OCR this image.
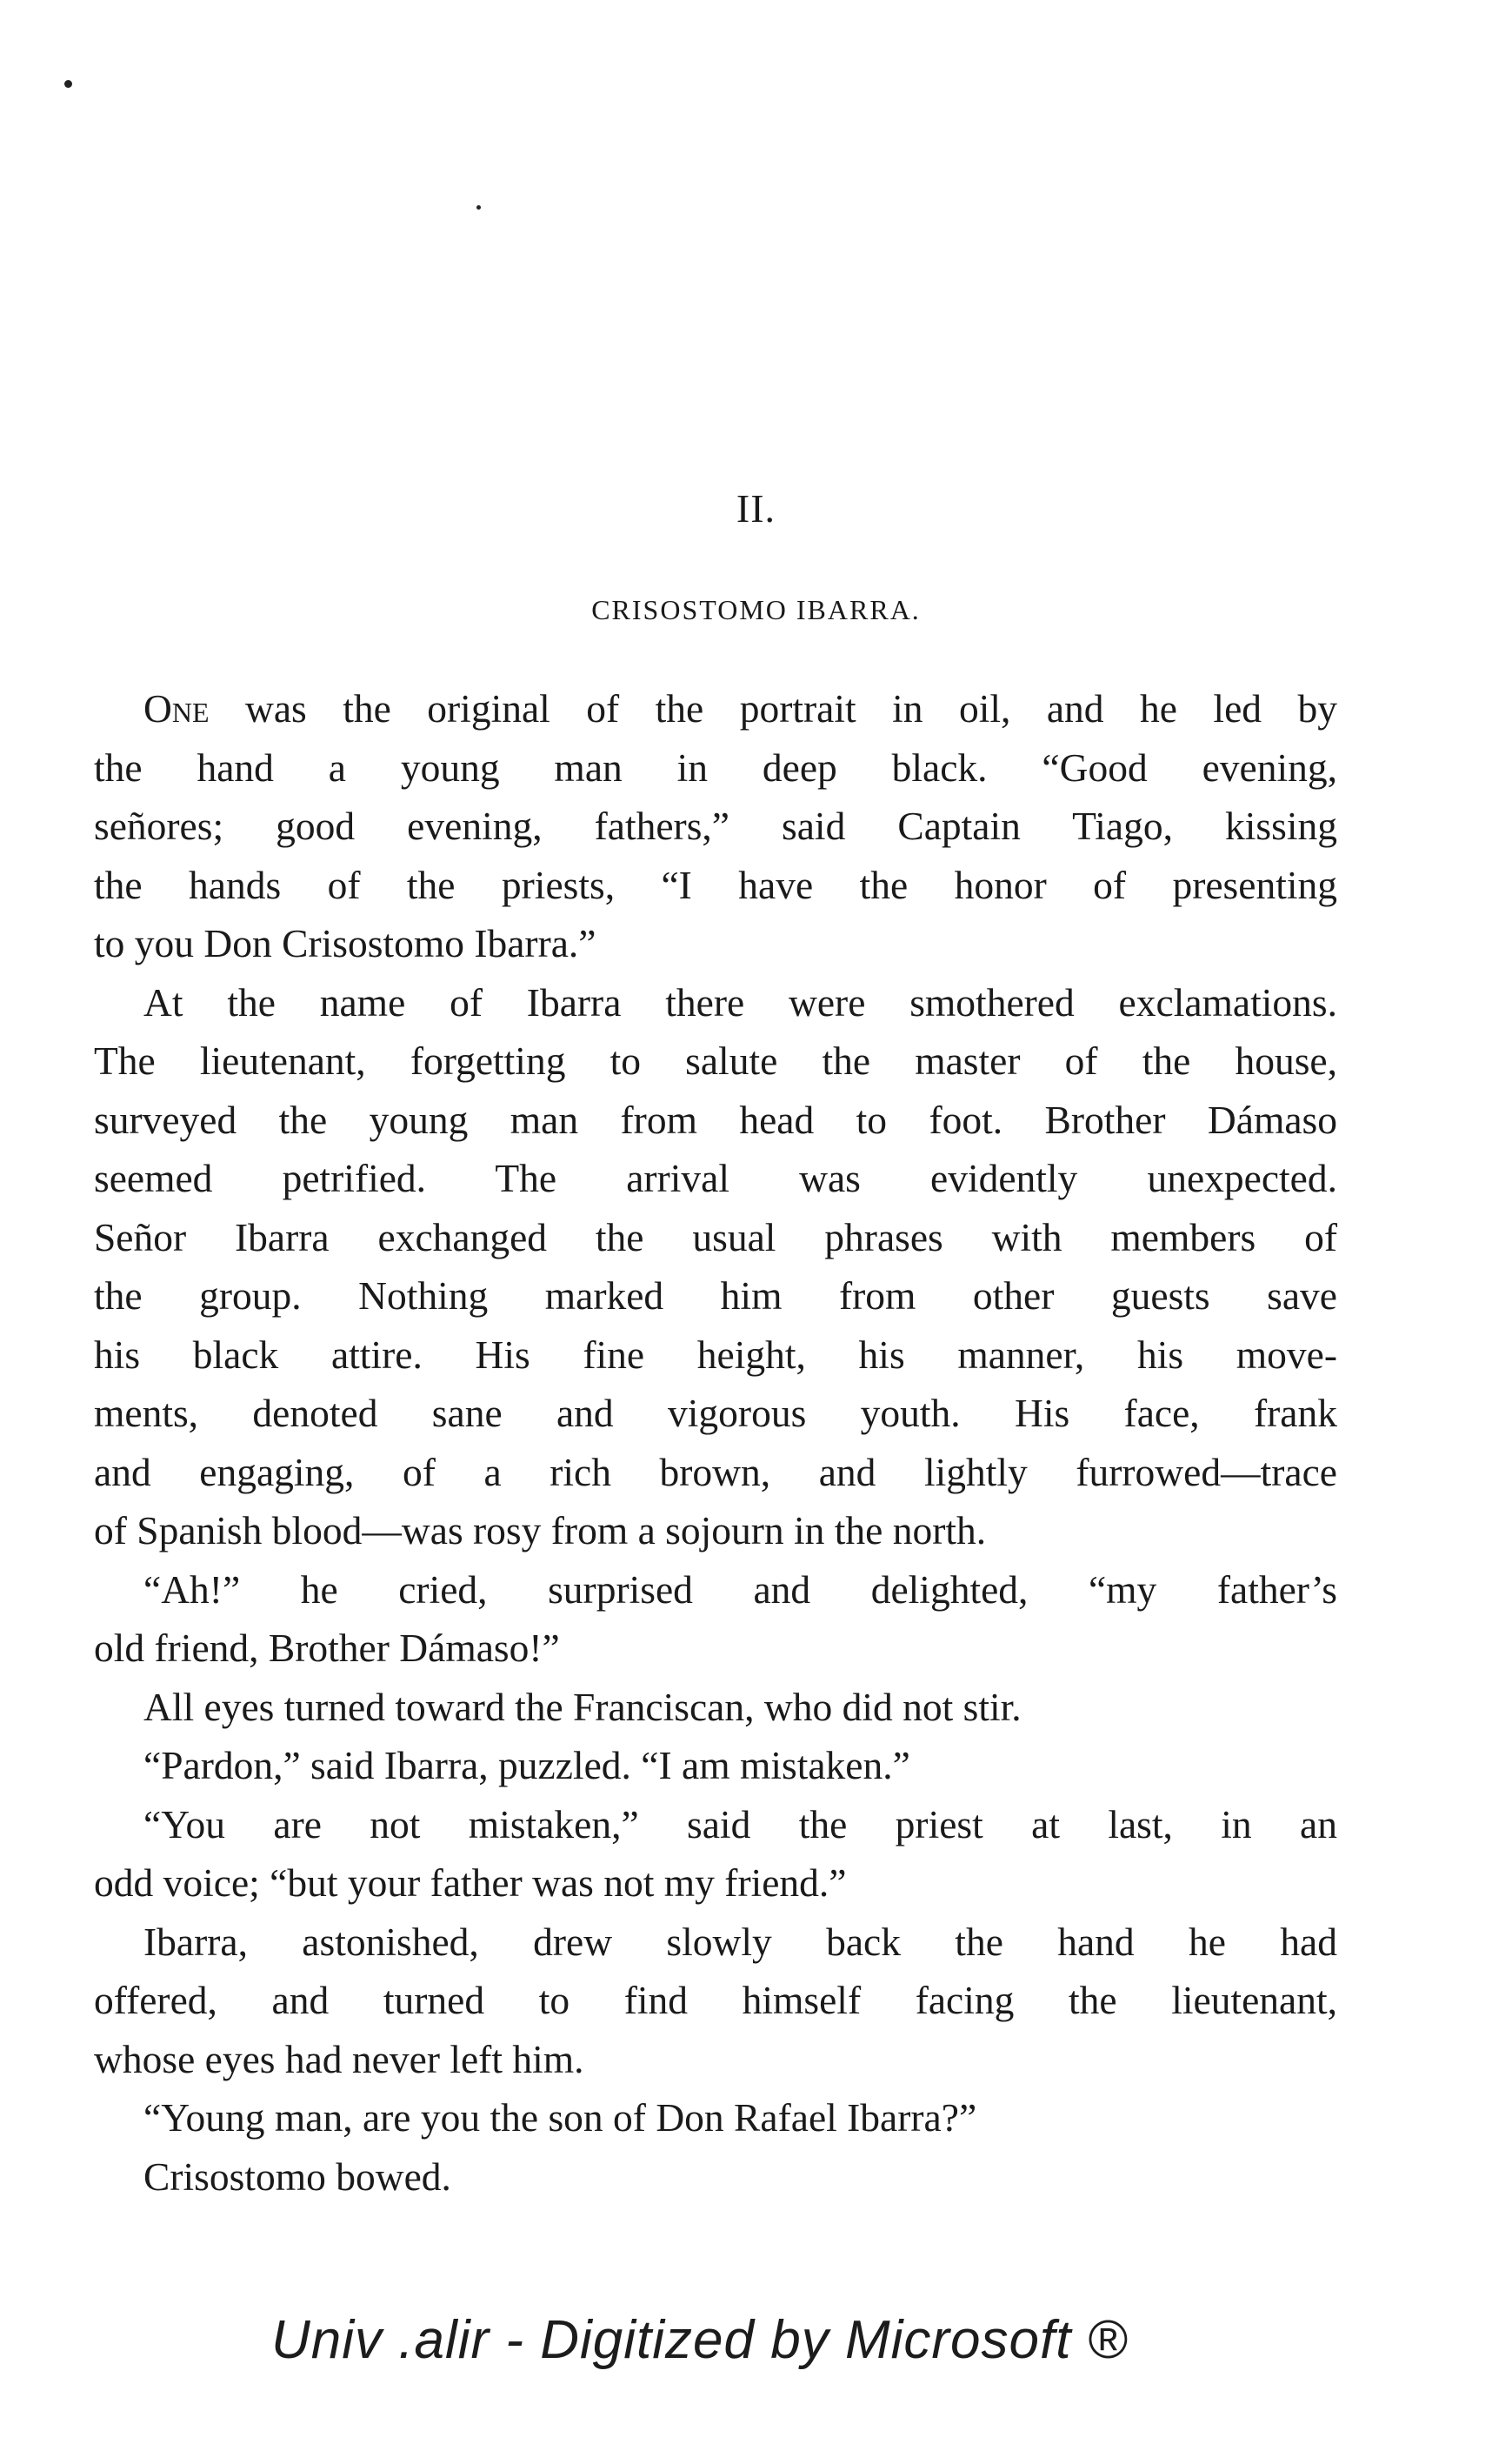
II.
CRISOSTOMO IBARRA.
One was the original of the portrait in oil, and he led by
the hand a young man in deep black. “Good evening,
señores; good evening, fathers,” said Captain Tiago, kissing
the hands of the priests, “I have the honor of presenting
to you Don Crisostomo Ibarra.”
At the name of Ibarra there were smothered exclamations.
The lieutenant, forgetting to salute the master of the house,
surveyed the young man from head to foot. Brother Dámaso
seemed petrified. The arrival was evidently unexpected.
Señor Ibarra exchanged the usual phrases with members of
the group. Nothing marked him from other guests save
his black attire. His fine height, his manner, his move-
ments, denoted sane and vigorous youth. His face, frank
and engaging, of a rich brown, and lightly furrowed—trace
of Spanish blood—was rosy from a sojourn in the north.
“Ah!” he cried, surprised and delighted, “my father’s
old friend, Brother Dámaso!”
All eyes turned toward the Franciscan, who did not stir.
“Pardon,” said Ibarra, puzzled. “I am mistaken.”
“You are not mistaken,” said the priest at last, in an
odd voice; “but your father was not my friend.”
Ibarra, astonished, drew slowly back the hand he had
offered, and turned to find himself facing the lieutenant,
whose eyes had never left him.
“Young man, are you the son of Don Rafael Ibarra?”
Crisostomo bowed.
Univ .alir - Digitized by Microsoft ®
